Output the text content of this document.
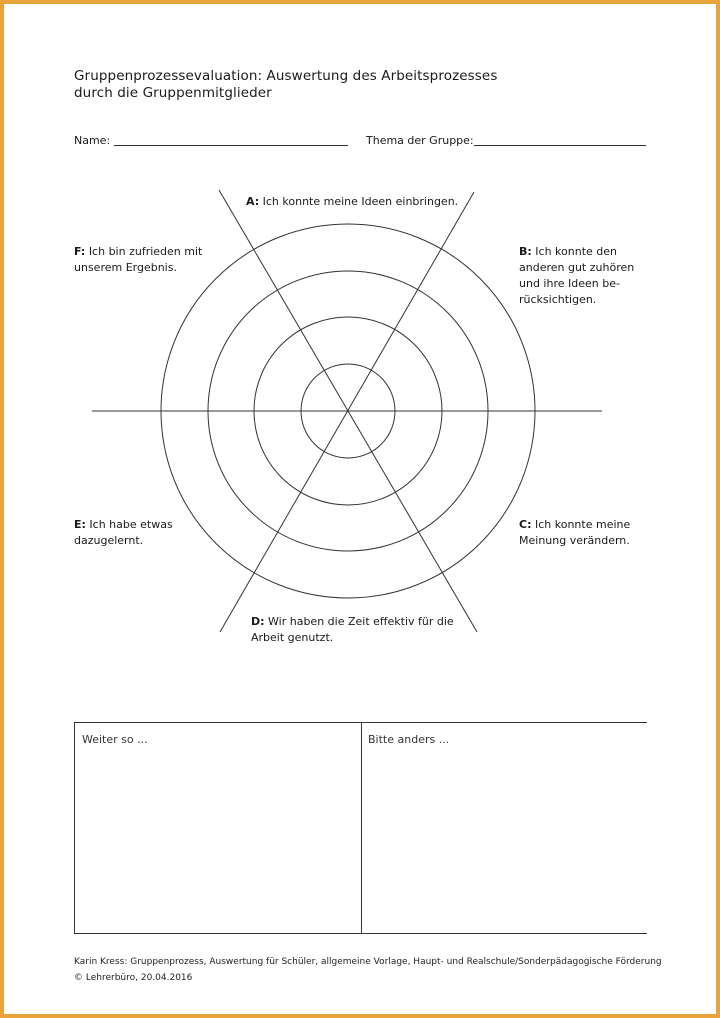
Gruppenprozessevaluation: Auswertung des Arbeitsprozesses
durch die Gruppenmitglieder
Name:	Thema der Gruppe:
A: Ich konnte meine Ideen einbringen.
B: Ich konnte den
anderen gut zuhören
und ihre Ideen be-
rücksichtigen.
C: Ich konnte meine
Meinung verändern.
D: Wir haben die Zeit effektiv für die
Arbeit genutzt.
E: Ich habe etwas
dazugelernt.
F: Ich bin zufrieden mit
unserem Ergebnis.
Weiter so ...	Bitte anders ...
Karin Kress: Gruppenprozess, Auswertung für Schüler, allgemeine Vorlage, Haupt- und Realschule/Sonderpädagogische Förderung
© Lehrerbüro, 20.04.2016
